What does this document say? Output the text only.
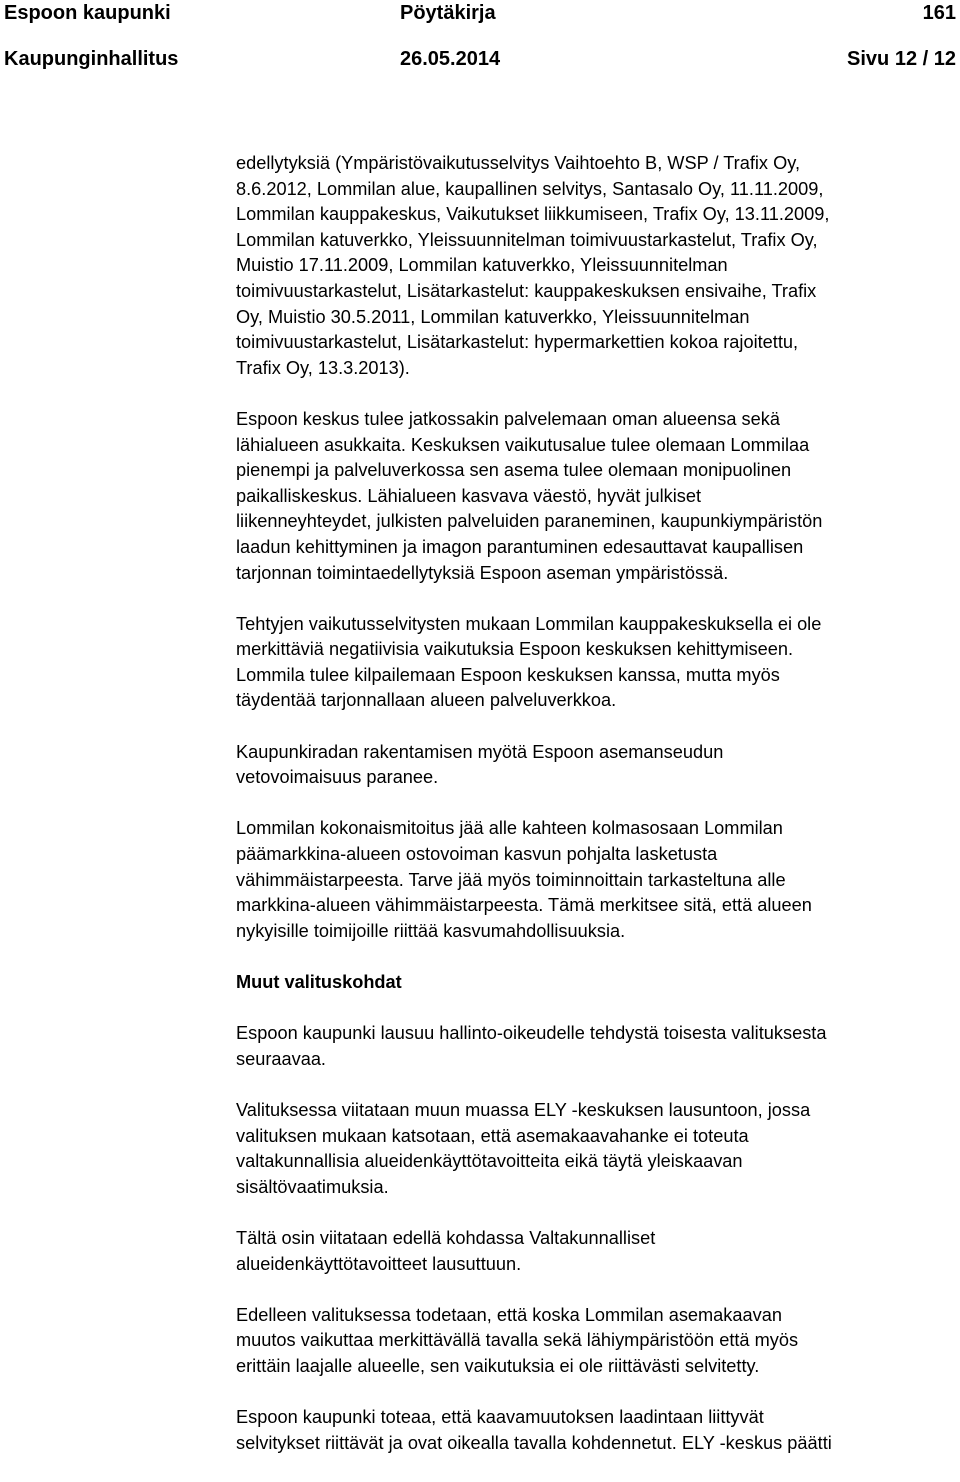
Espoon kaupunki	Pöytäkirja	161
Kaupunginhallitus	26.05.2014	Sivu 12 / 12

edellytyksiä (Ympäristövaikutusselvitys Vaihtoehto B, WSP / Trafix Oy,
8.6.2012, Lommilan alue, kaupallinen selvitys, Santasalo Oy, 11.11.2009,
Lommilan kauppakeskus, Vaikutukset liikkumiseen, Trafix Oy, 13.11.2009,
Lommilan katuverkko, Yleissuunnitelman toimivuustarkastelut, Trafix Oy,
Muistio 17.11.2009, Lommilan katuverkko, Yleissuunnitelman
toimivuustarkastelut, Lisätarkastelut: kauppakeskuksen ensivaihe, Trafix
Oy, Muistio 30.5.2011, Lommilan katuverkko, Yleissuunnitelman
toimivuustarkastelut, Lisätarkastelut: hypermarkettien kokoa rajoitettu,
Trafix Oy, 13.3.2013).

Espoon keskus tulee jatkossakin palvelemaan oman alueensa sekä
lähialueen asukkaita. Keskuksen vaikutusalue tulee olemaan Lommilaa
pienempi ja palveluverkossa sen asema tulee olemaan monipuolinen
paikalliskeskus. Lähialueen kasvava väestö, hyvät julkiset
liikenneyhteydet, julkisten palveluiden paraneminen, kaupunkiympäristön
laadun kehittyminen ja imagon parantuminen edesauttavat kaupallisen
tarjonnan toimintaedellytyksiä Espoon aseman ympäristössä.

Tehtyjen vaikutusselvitysten mukaan Lommilan kauppakeskuksella ei ole
merkittäviä negatiivisia vaikutuksia Espoon keskuksen kehittymiseen.
Lommila tulee kilpailemaan Espoon keskuksen kanssa, mutta myös
täydentää tarjonnallaan alueen palveluverkkoa.

Kaupunkiradan rakentamisen myötä Espoon asemanseudun
vetovoimaisuus paranee.

Lommilan kokonaismitoitus jää alle kahteen kolmasosaan Lommilan
päämarkkina-alueen ostovoiman kasvun pohjalta lasketusta
vähimmäistarpeesta. Tarve jää myös toiminnoittain tarkasteltuna alle
markkina-alueen vähimmäistarpeesta. Tämä merkitsee sitä, että alueen
nykyisille toimijoille riittää kasvumahdollisuuksia.

Muut valituskohdat

Espoon kaupunki lausuu hallinto-oikeudelle tehdystä toisesta valituksesta
seuraavaa.

Valituksessa viitataan muun muassa ELY -keskuksen lausuntoon, jossa
valituksen mukaan katsotaan, että asemakaavahanke ei toteuta
valtakunnallisia alueidenkäyttötavoitteita eikä täytä yleiskaavan
sisältövaatimuksia.

Tältä osin viitataan edellä kohdassa Valtakunnalliset
alueidenkäyttötavoitteet lausuttuun.

Edelleen valituksessa todetaan, että koska Lommilan asemakaavan
muutos vaikuttaa merkittävällä tavalla sekä lähiympäristöön että myös
erittäin laajalle alueelle, sen vaikutuksia ei ole riittävästi selvitetty.

Espoon kaupunki toteaa, että kaavamuutoksen laadintaan liittyvät
selvitykset riittävät ja ovat oikealla tavalla kohdennetut. ELY -keskus päätti
